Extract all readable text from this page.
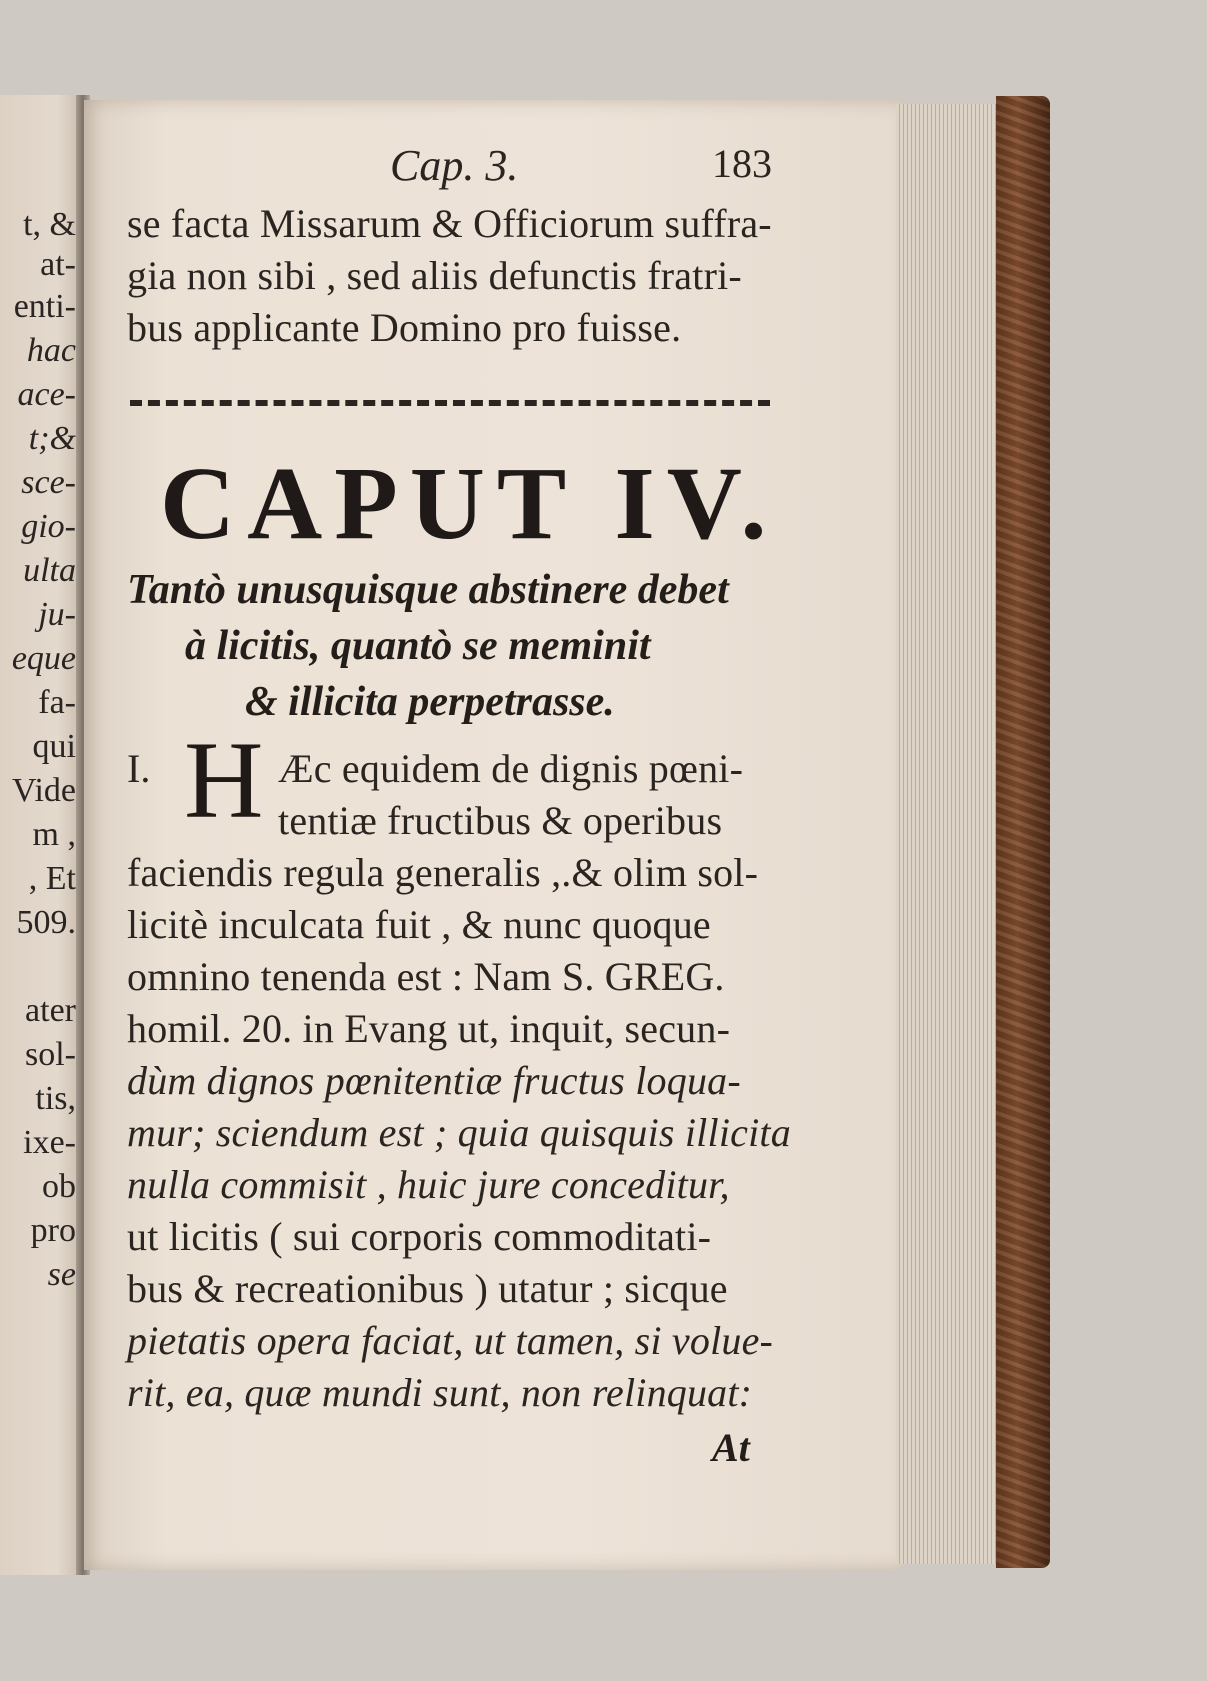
t, &
at-
enti-
hac
ace-
t;&
sce-
gio-
ulta
ju-
eque
fa-
qui
Vide
m ,
, Et
509.
ater
sol-
tis,
ixe-
ob
pro
se
Cap. 3.	183
se facta Missarum & Officiorum suffra-
gia non sibi , sed aliis defunctis fratri-
bus applicante Domino pro fuisse.
CAPUT IV.
Tantò unusquisque abstinere debet
à licitis, quantò se meminit
& illicita perpetrasse.
I. H Æc equidem de dignis pœni-
tentiæ fructibus & operibus
faciendis regula generalis ,.& olim sol-
licitè inculcata fuit , & nunc quoque
omnino tenenda est : Nam S. GREG.
homil. 20. in Evang ut, inquit, secun-
dùm dignos pœnitentiæ fructus loqua-
mur; sciendum est ; quia quisquis illicita
nulla commisit , huic jure conceditur,
ut licitis ( sui corporis commoditati-
bus & recreationibus ) utatur ; sicque
pietatis opera faciat, ut tamen, si volue-
rit, ea, quæ mundi sunt, non relinquat:
At
